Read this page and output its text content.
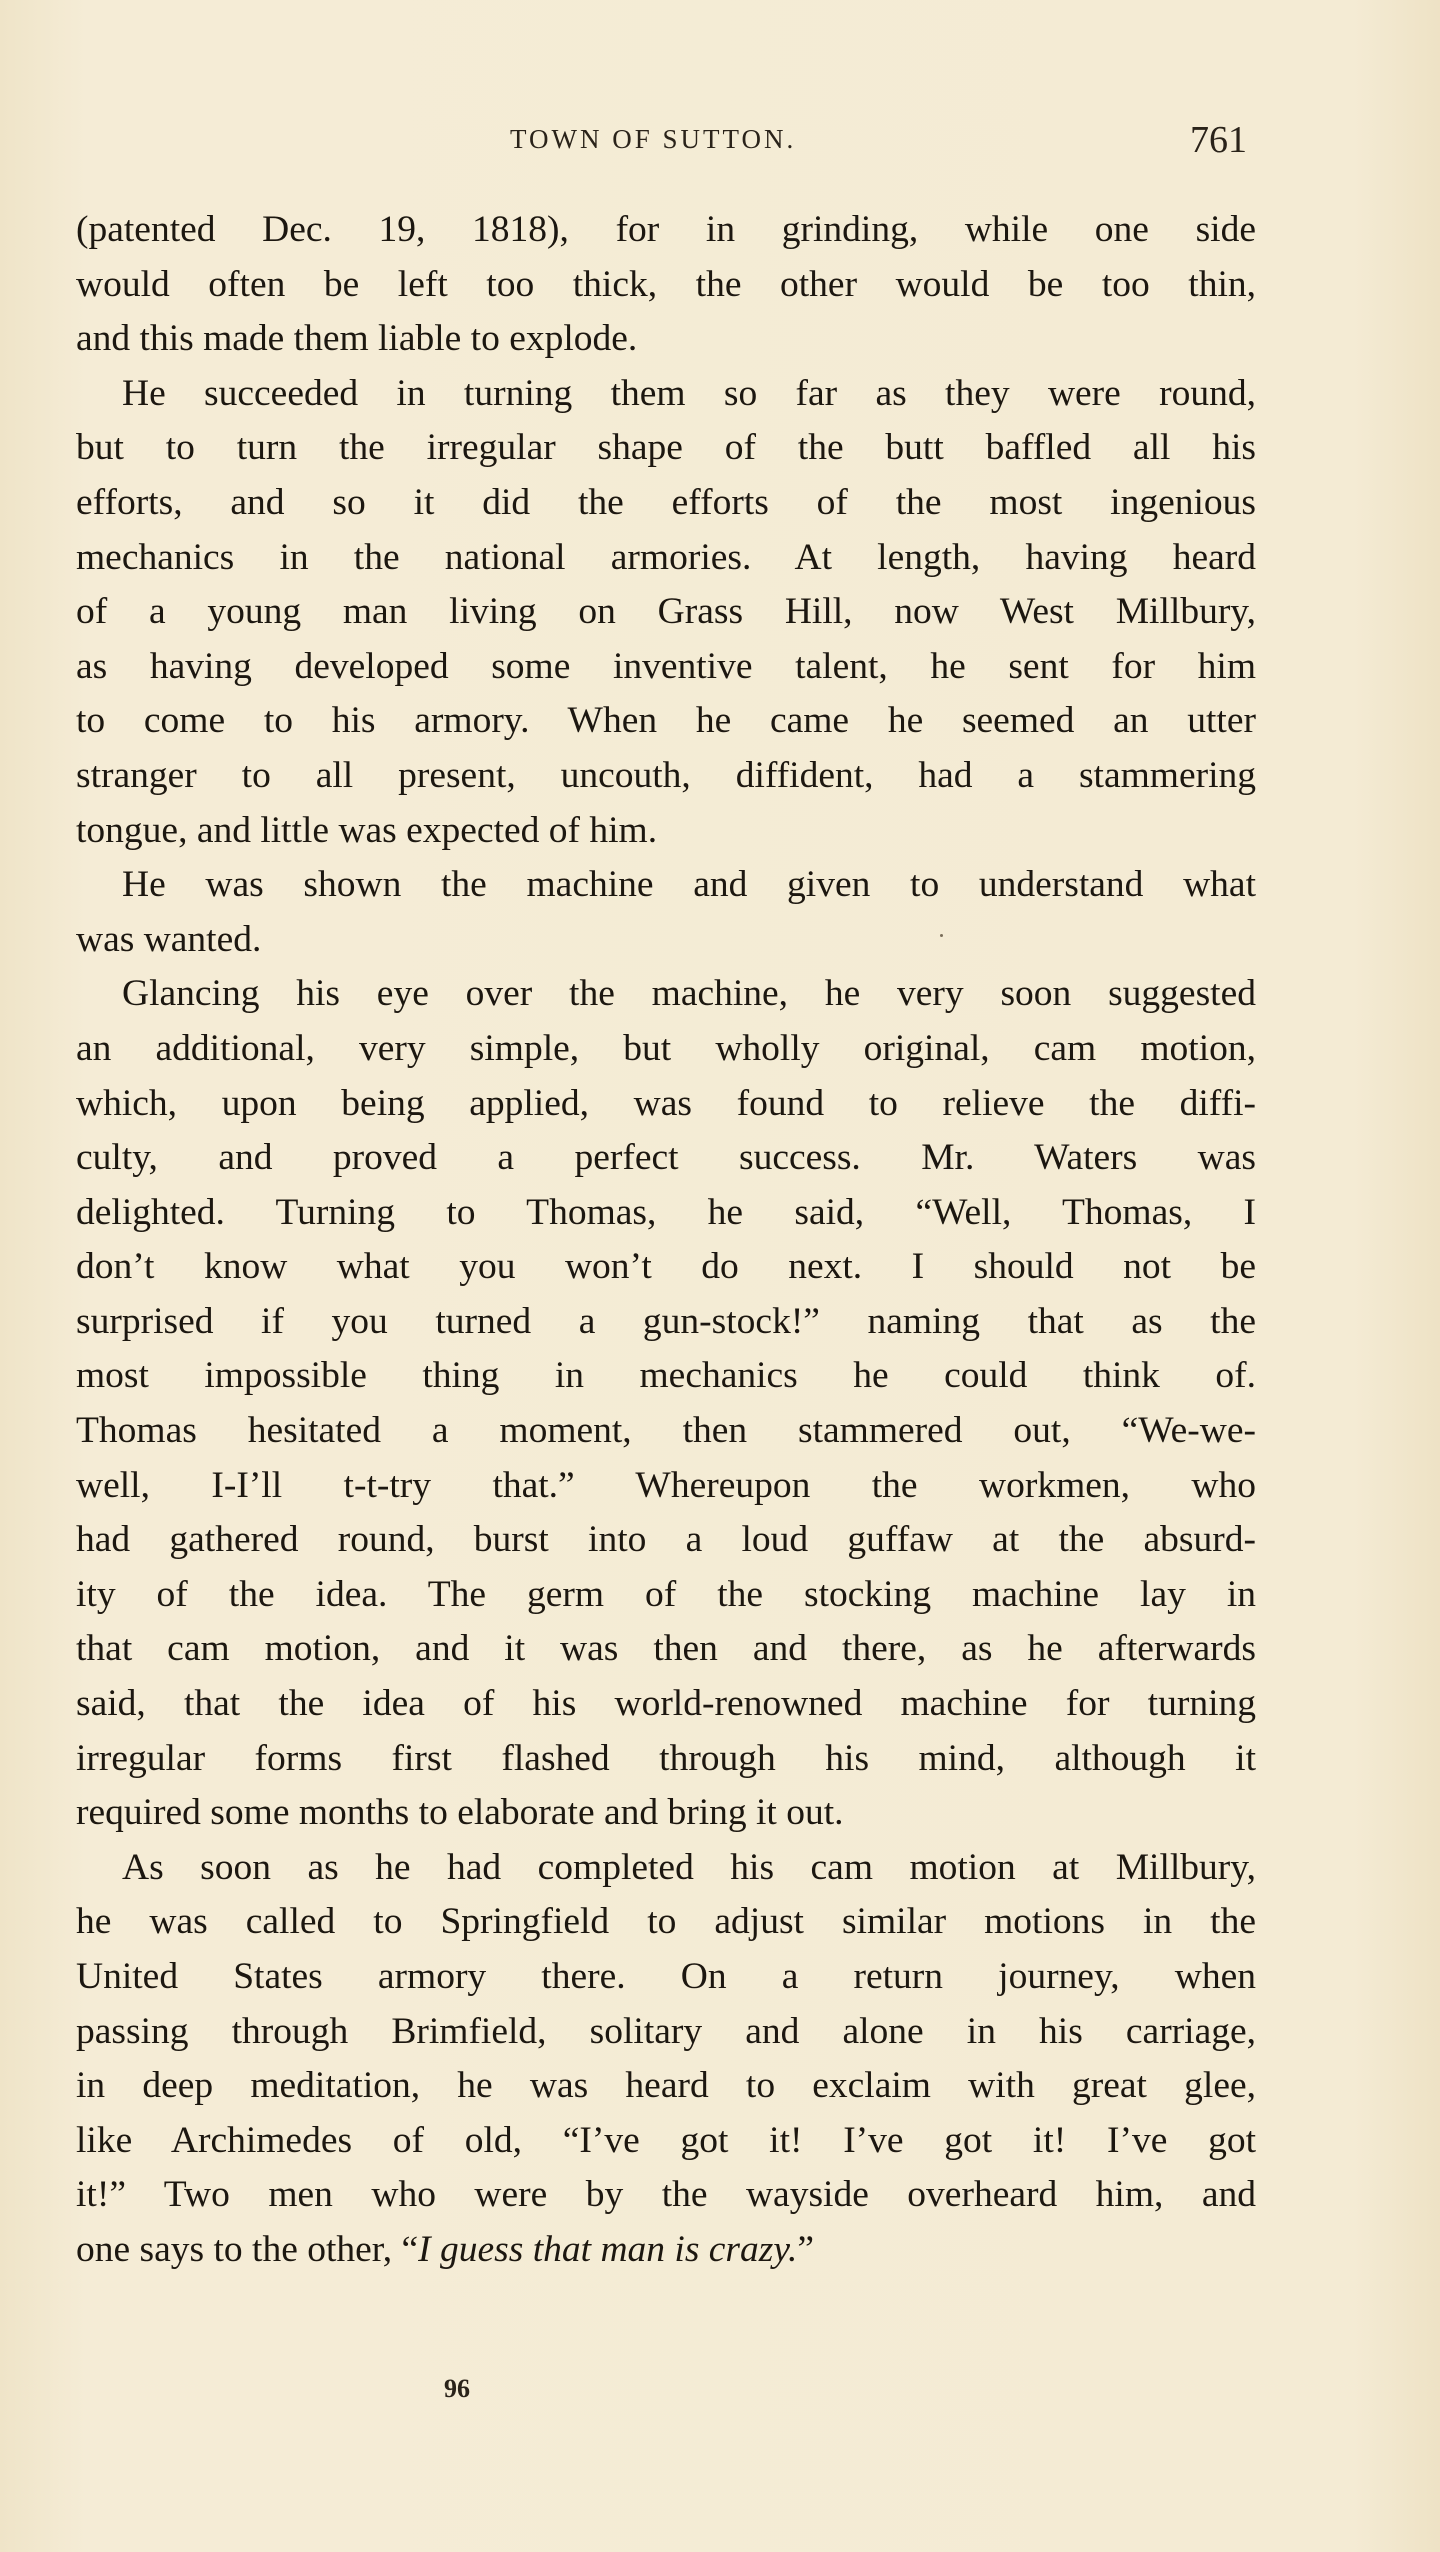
TOWN OF SUTTON.	761
(patented Dec. 19, 1818), for in grinding, while one side
would often be left too thick, the other would be too thin,
and this made them liable to explode.
He succeeded in turning them so far as they were round,
but to turn the irregular shape of the butt baffled all his
efforts, and so it did the efforts of the most ingenious
mechanics in the national armories. At length, having heard
of a young man living on Grass Hill, now West Millbury,
as having developed some inventive talent, he sent for him
to come to his armory. When he came he seemed an utter
stranger to all present, uncouth, diffident, had a stammering
tongue, and little was expected of him.
He was shown the machine and given to understand what
was wanted.
Glancing his eye over the machine, he very soon suggested
an additional, very simple, but wholly original, cam motion,
which, upon being applied, was found to relieve the diffi-
culty, and proved a perfect success. Mr. Waters was
delighted. Turning to Thomas, he said, “Well, Thomas, I
don’t know what you won’t do next. I should not be
surprised if you turned a gun-stock!” naming that as the
most impossible thing in mechanics he could think of.
Thomas hesitated a moment, then stammered out, “We-we-
well, I-I’ll t-t-try that.” Whereupon the workmen, who
had gathered round, burst into a loud guffaw at the absurd-
ity of the idea. The germ of the stocking machine lay in
that cam motion, and it was then and there, as he afterwards
said, that the idea of his world-renowned machine for turning
irregular forms first flashed through his mind, although it
required some months to elaborate and bring it out.
As soon as he had completed his cam motion at Millbury,
he was called to Springfield to adjust similar motions in the
United States armory there. On a return journey, when
passing through Brimfield, solitary and alone in his carriage,
in deep meditation, he was heard to exclaim with great glee,
like Archimedes of old, “I’ve got it! I’ve got it! I’ve got
it!” Two men who were by the wayside overheard him, and
one says to the other, “I guess that man is crazy.”
96
